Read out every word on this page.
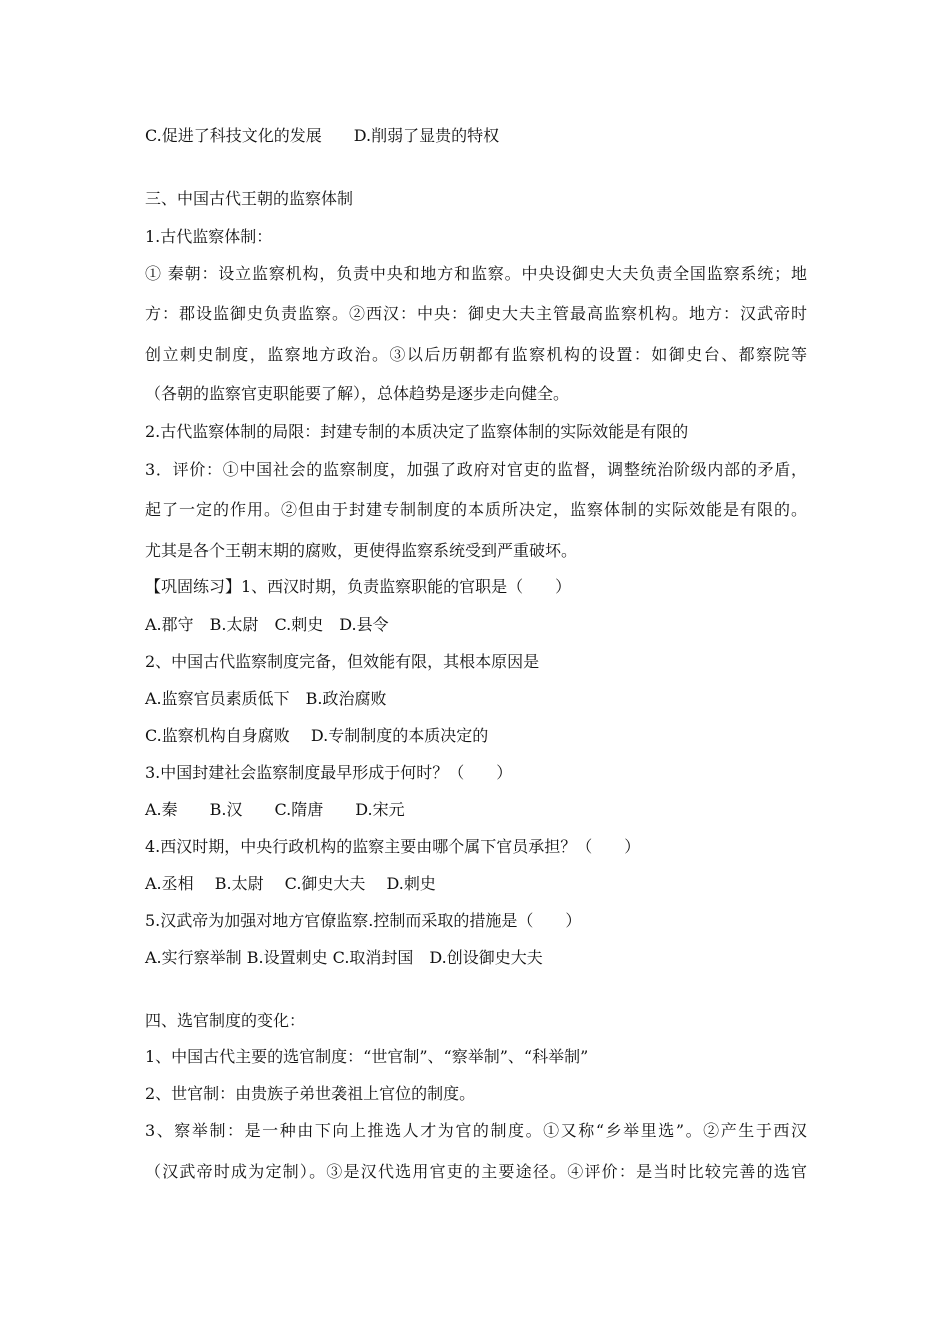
C.促进了科技文化的发展　　D.削弱了显贵的特权
三、中国古代王朝的监察体制
1.古代监察体制：
① 秦朝：设立监察机构，负责中央和地方和监察。中央设御史大夫负责全国监察系统；地
方：郡设监御史负责监察。②西汉：中央：御史大夫主管最高监察机构。地方：汉武帝时
创立刺史制度，监察地方政治。③以后历朝都有监察机构的设置：如御史台、都察院等
（各朝的监察官吏职能要了解），总体趋势是逐步走向健全。
2.古代监察体制的局限：封建专制的本质决定了监察体制的实际效能是有限的
3．评价：①中国社会的监察制度，加强了政府对官吏的监督，调整统治阶级内部的矛盾，
起了一定的作用。②但由于封建专制制度的本质所决定，监察体制的实际效能是有限的。
尤其是各个王朝末期的腐败，更使得监察系统受到严重破坏。
【巩固练习】1、西汉时期，负责监察职能的官职是（　　）
A.郡守　B.太尉　C.刺史　D.县令
2、中国古代监察制度完备，但效能有限，其根本原因是
A.监察官员素质低下　B.政治腐败
C.监察机构自身腐败　 D.专制制度的本质决定的
3.中国封建社会监察制度最早形成于何时？（　　）
A.秦　　B.汉　　C.隋唐　　D.宋元
4.西汉时期，中央行政机构的监察主要由哪个属下官员承担？（　　）
A.丞相　 B.太尉　 C.御史大夫　 D.刺史
5.汉武帝为加强对地方官僚监察.控制而采取的措施是（　　）
A.实行察举制 B.设置刺史 C.取消封国　D.创设御史大夫
四、选官制度的变化：
1、中国古代主要的选官制度：“世官制”、“察举制”、“科举制”
2、世官制：由贵族子弟世袭祖上官位的制度。
3、察举制：是一种由下向上推选人才为官的制度。①又称“乡举里选”。②产生于西汉
（汉武帝时成为定制）。③是汉代选用官吏的主要途径。④评价：是当时比较完善的选官
